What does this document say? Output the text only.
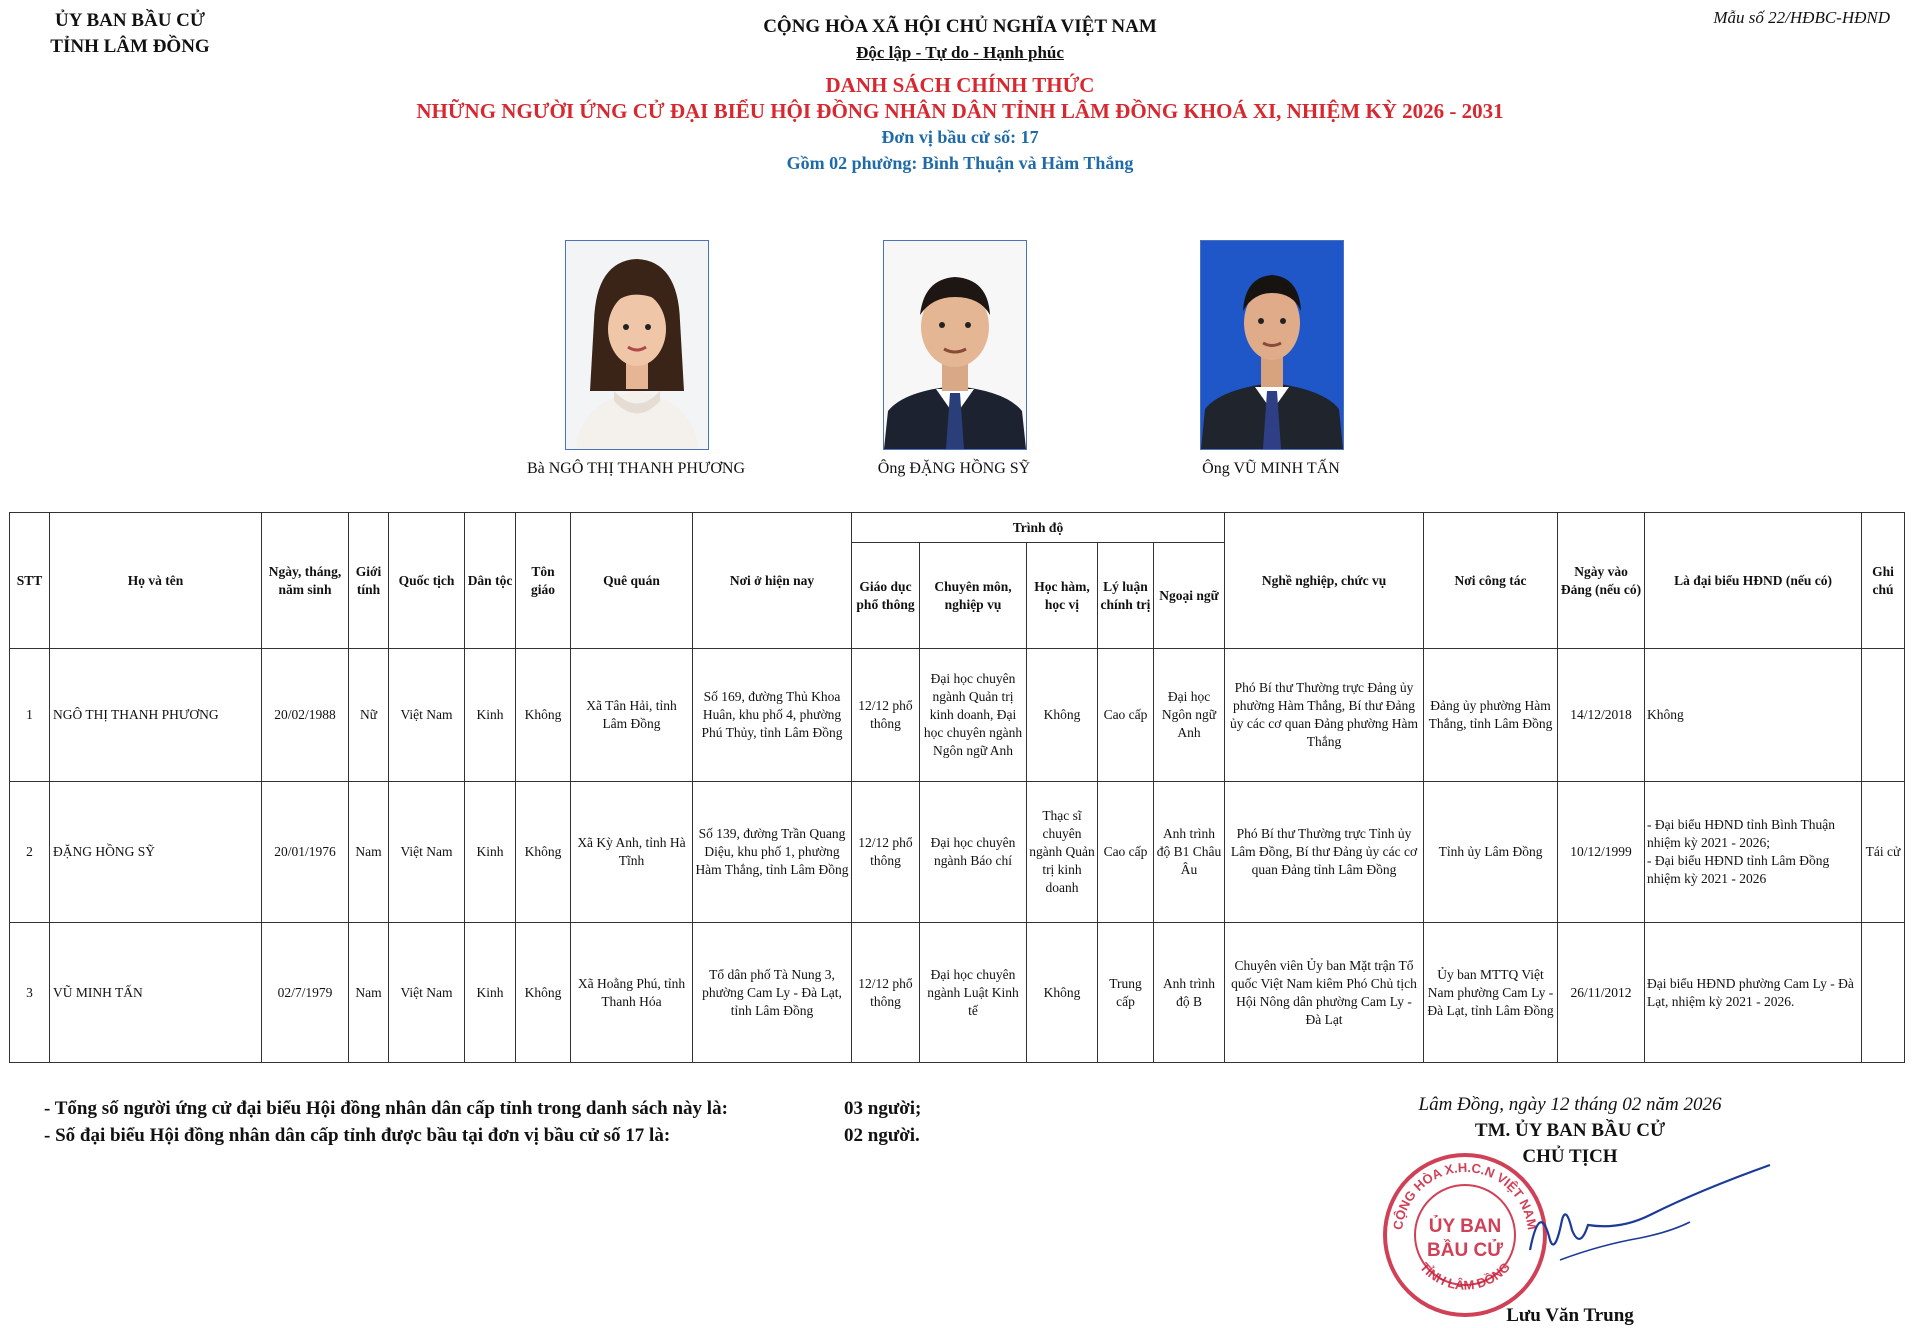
ỦY BAN BẦU CỬ
TỈNH LÂM ĐỒNG
Mẫu số 22/HĐBC-HĐND
CỘNG HÒA XÃ HỘI CHỦ NGHĨA VIỆT NAM
Độc lập - Tự do - Hạnh phúc
DANH SÁCH CHÍNH THỨC
NHỮNG NGƯỜI ỨNG CỬ ĐẠI BIỂU HỘI ĐỒNG NHÂN DÂN TỈNH LÂM ĐỒNG KHOÁ XI, NHIỆM KỲ 2026 - 2031
Đơn vị bầu cử số: 17
Gồm 02 phường: Bình Thuận và Hàm Thắng
Bà NGÔ THỊ THANH PHƯƠNG	Ông ĐẶNG HỒNG SỸ	Ông VŨ MINH TẤN
STT	Họ và tên	Ngày, tháng, năm sinh	Giới tính	Quốc tịch	Dân tộc	Tôn giáo	Quê quán	Nơi ở hiện nay	Trình độ					Nghề nghiệp, chức vụ	Nơi công tác	Ngày vào Đảng (nếu có)	Là đại biểu HĐND (nếu có)	Ghi chú
									Giáo dục phổ thông	Chuyên môn, nghiệp vụ	Học hàm, học vị	Lý luận chính trị	Ngoại ngữ					
1	NGÔ THỊ THANH PHƯƠNG	20/02/1988	Nữ	Việt Nam	Kinh	Không	Xã Tân Hải, tỉnh Lâm Đồng	Số 169, đường Thủ Khoa Huân, khu phố 4, phường Phú Thủy, tỉnh Lâm Đồng	12/12 phổ thông	Đại học chuyên ngành Quản trị kinh doanh, Đại học chuyên ngành Ngôn ngữ Anh	Không	Cao cấp	Đại học Ngôn ngữ Anh	Phó Bí thư Thường trực Đảng ủy phường Hàm Thắng, Bí thư Đảng ủy các cơ quan Đảng phường Hàm Thắng	Đảng ủy phường Hàm Thắng, tỉnh Lâm Đồng	14/12/2018	Không	
2	ĐẶNG HỒNG SỸ	20/01/1976	Nam	Việt Nam	Kinh	Không	Xã Kỳ Anh, tỉnh Hà Tĩnh	Số 139, đường Trần Quang Diệu, khu phố 1, phường Hàm Thắng, tỉnh Lâm Đồng	12/12 phổ thông	Đại học chuyên ngành Báo chí	Thạc sĩ chuyên ngành Quản trị kinh doanh	Cao cấp	Anh trình độ B1 Châu Âu	Phó Bí thư Thường trực Tỉnh ủy Lâm Đồng, Bí thư Đảng ủy các cơ quan Đảng tỉnh Lâm Đồng	Tỉnh ủy Lâm Đồng	10/12/1999	- Đại biểu HĐND tỉnh Bình Thuận nhiệm kỳ 2021 - 2026;
- Đại biểu HĐND tỉnh Lâm Đồng nhiệm kỳ 2021 - 2026	Tái cử
3	VŨ MINH TẤN	02/7/1979	Nam	Việt Nam	Kinh	Không	Xã Hoằng Phú, tỉnh Thanh Hóa	Tổ dân phố Tà Nung 3, phường Cam Ly - Đà Lạt, tỉnh Lâm Đồng	12/12 phổ thông	Đại học chuyên ngành Luật Kinh tế	Không	Trung cấp	Anh trình độ B	Chuyên viên Ủy ban Mặt trận Tổ quốc Việt Nam kiêm Phó Chủ tịch Hội Nông dân phường Cam Ly - Đà Lạt	Ủy ban MTTQ Việt Nam phường Cam Ly - Đà Lạt, tỉnh Lâm Đồng	26/11/2012	Đại biểu HĐND phường Cam Ly - Đà Lạt, nhiệm kỳ 2021 - 2026.	
- Tổng số người ứng cử đại biểu Hội đồng nhân dân cấp tỉnh trong danh sách này là:	03 người;
- Số đại biểu Hội đồng nhân dân cấp tỉnh được bầu tại đơn vị bầu cử số 17 là:	02 người.
Lâm Đồng, ngày 12 tháng 02 năm 2026
TM. ỦY BAN BẦU CỬ
CHỦ TỊCH
CỘNG HÒA X.H.C.N VIỆT NAM
TỈNH LÂM ĐỒNG
ỦY BAN
BẦU CỬ
Lưu Văn Trung
